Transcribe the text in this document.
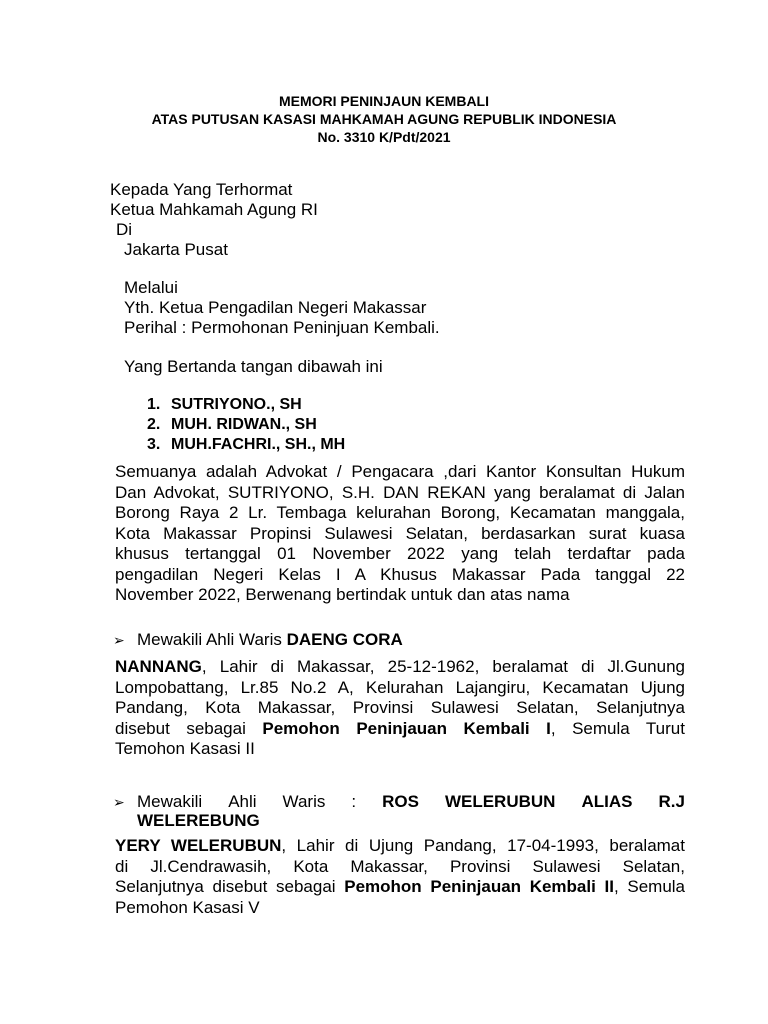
MEMORI PENINJAUN KEMBALI
ATAS PUTUSAN KASASI MAHKAMAH AGUNG REPUBLIK INDONESIA
No. 3310 K/Pdt/2021
Kepada Yang Terhormat
Ketua Mahkamah Agung RI
Di
Jakarta Pusat
Melalui
Yth. Ketua Pengadilan Negeri Makassar
Perihal : Permohonan Peninjuan Kembali.
Yang Bertanda tangan dibawah ini
1. SUTRIYONO., SH
2. MUH. RIDWAN., SH
3. MUH.FACHRI., SH., MH
Semuanya adalah Advokat / Pengacara ,dari Kantor Konsultan Hukum
Dan Advokat, SUTRIYONO, S.H. DAN REKAN yang beralamat di Jalan
Borong Raya 2 Lr. Tembaga kelurahan Borong, Kecamatan manggala,
Kota Makassar Propinsi Sulawesi Selatan, berdasarkan surat kuasa
khusus tertanggal 01 November 2022 yang telah terdaftar pada
pengadilan Negeri Kelas I A Khusus Makassar Pada tanggal 22
November 2022, Berwenang bertindak untuk dan atas nama
➢ Mewakili Ahli Waris DAENG CORA
NANNANG, Lahir di Makassar, 25-12-1962, beralamat di Jl.Gunung
Lompobattang, Lr.85 No.2 A, Kelurahan Lajangiru, Kecamatan Ujung
Pandang, Kota Makassar, Provinsi Sulawesi Selatan, Selanjutnya
disebut sebagai Pemohon Peninjauan Kembali I, Semula Turut
Temohon Kasasi II
➢ Mewakili Ahli Waris : ROS WELERUBUN ALIAS R.J
WELEREBUNG
YERY WELERUBUN, Lahir di Ujung Pandang, 17-04-1993, beralamat
di Jl.Cendrawasih, Kota Makassar, Provinsi Sulawesi Selatan,
Selanjutnya disebut sebagai Pemohon Peninjauan Kembali II, Semula
Pemohon Kasasi V
